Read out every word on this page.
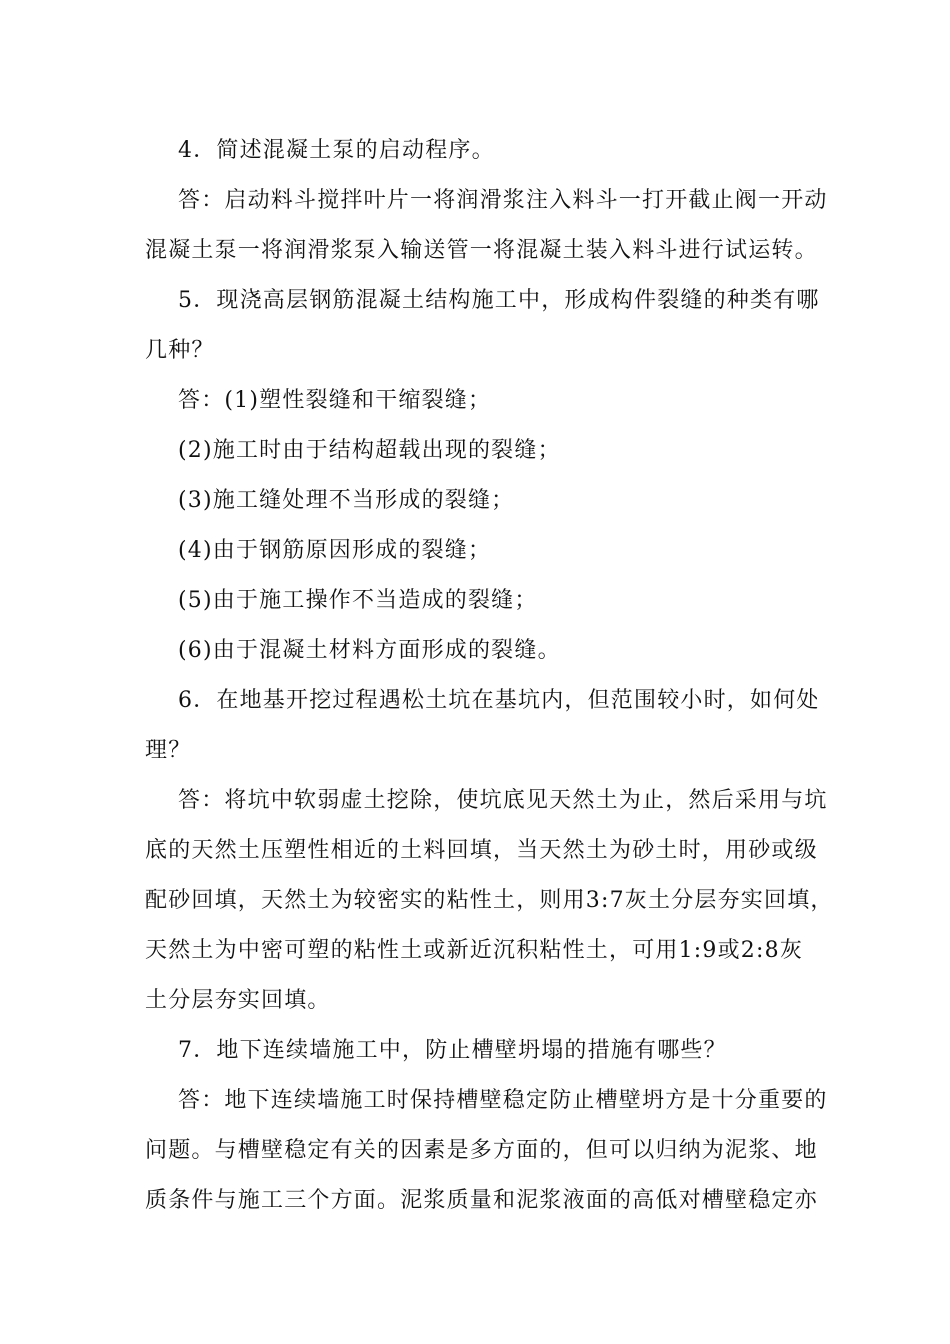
4．简述混凝土泵的启动程序。
答：启动料斗搅拌叶片一将润滑浆注入料斗一打开截止阀一开动
混凝土泵一将润滑浆泵入输送管一将混凝土装入料斗进行试运转。
5．现浇高层钢筋混凝土结构施工中，形成构件裂缝的种类有哪
几种？
答：(1)塑性裂缝和干缩裂缝；
(2)施工时由于结构超载出现的裂缝；
(3)施工缝处理不当形成的裂缝；
(4)由于钢筋原因形成的裂缝；
(5)由于施工操作不当造成的裂缝；
(6)由于混凝土材料方面形成的裂缝。
6．在地基开挖过程遇松土坑在基坑内，但范围较小时，如何处
理？
答：将坑中软弱虚土挖除，使坑底见天然土为止，然后采用与坑
底的天然土压塑性相近的土料回填，当天然土为砂土时，用砂或级
配砂回填，天然土为较密实的粘性土，则用3:7灰土分层夯实回填，
天然土为中密可塑的粘性土或新近沉积粘性土，可用1:9或2:8灰
土分层夯实回填。
7．地下连续墙施工中，防止槽壁坍塌的措施有哪些？
答：地下连续墙施工时保持槽壁稳定防止槽壁坍方是十分重要的
问题。与槽壁稳定有关的因素是多方面的，但可以归纳为泥浆、地
质条件与施工三个方面。泥浆质量和泥浆液面的高低对槽壁稳定亦
